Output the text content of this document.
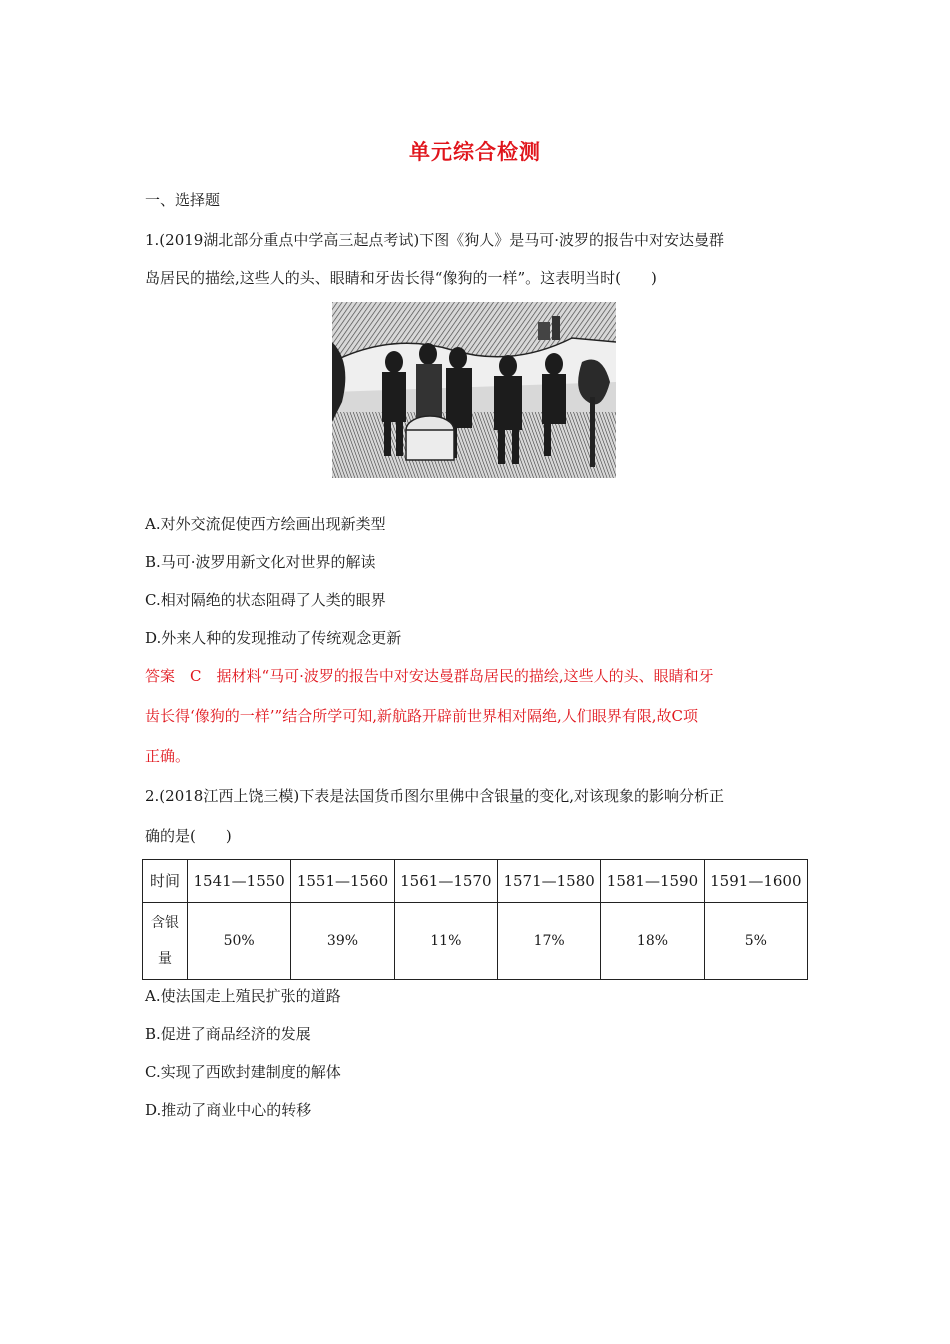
单元综合检测
一、选择题
1.(2019湖北部分重点中学高三起点考试)下图《狗人》是马可·波罗的报告中对安达曼群
岛居民的描绘,这些人的头、眼睛和牙齿长得“像狗的一样”。这表明当时(　　)
A.对外交流促使西方绘画出现新类型
B.马可·波罗用新文化对世界的解读
C.相对隔绝的状态阻碍了人类的眼界
D.外来人种的发现推动了传统观念更新
答案　C　据材料“马可·波罗的报告中对安达曼群岛居民的描绘,这些人的头、眼睛和牙
齿长得‘像狗的一样’”结合所学可知,新航路开辟前世界相对隔绝,人们眼界有限,故C项
正确。
2.(2018江西上饶三模)下表是法国货币图尔里佛中含银量的变化,对该现象的影响分析正
确的是(　　)
时间	1541—1550	1551—1560	1561—1570	1571—1580	1581—1590	1591—1600
含银
量	50%	39%	11%	17%	18%	5%
A.使法国走上殖民扩张的道路
B.促进了商品经济的发展
C.实现了西欧封建制度的解体
D.推动了商业中心的转移
